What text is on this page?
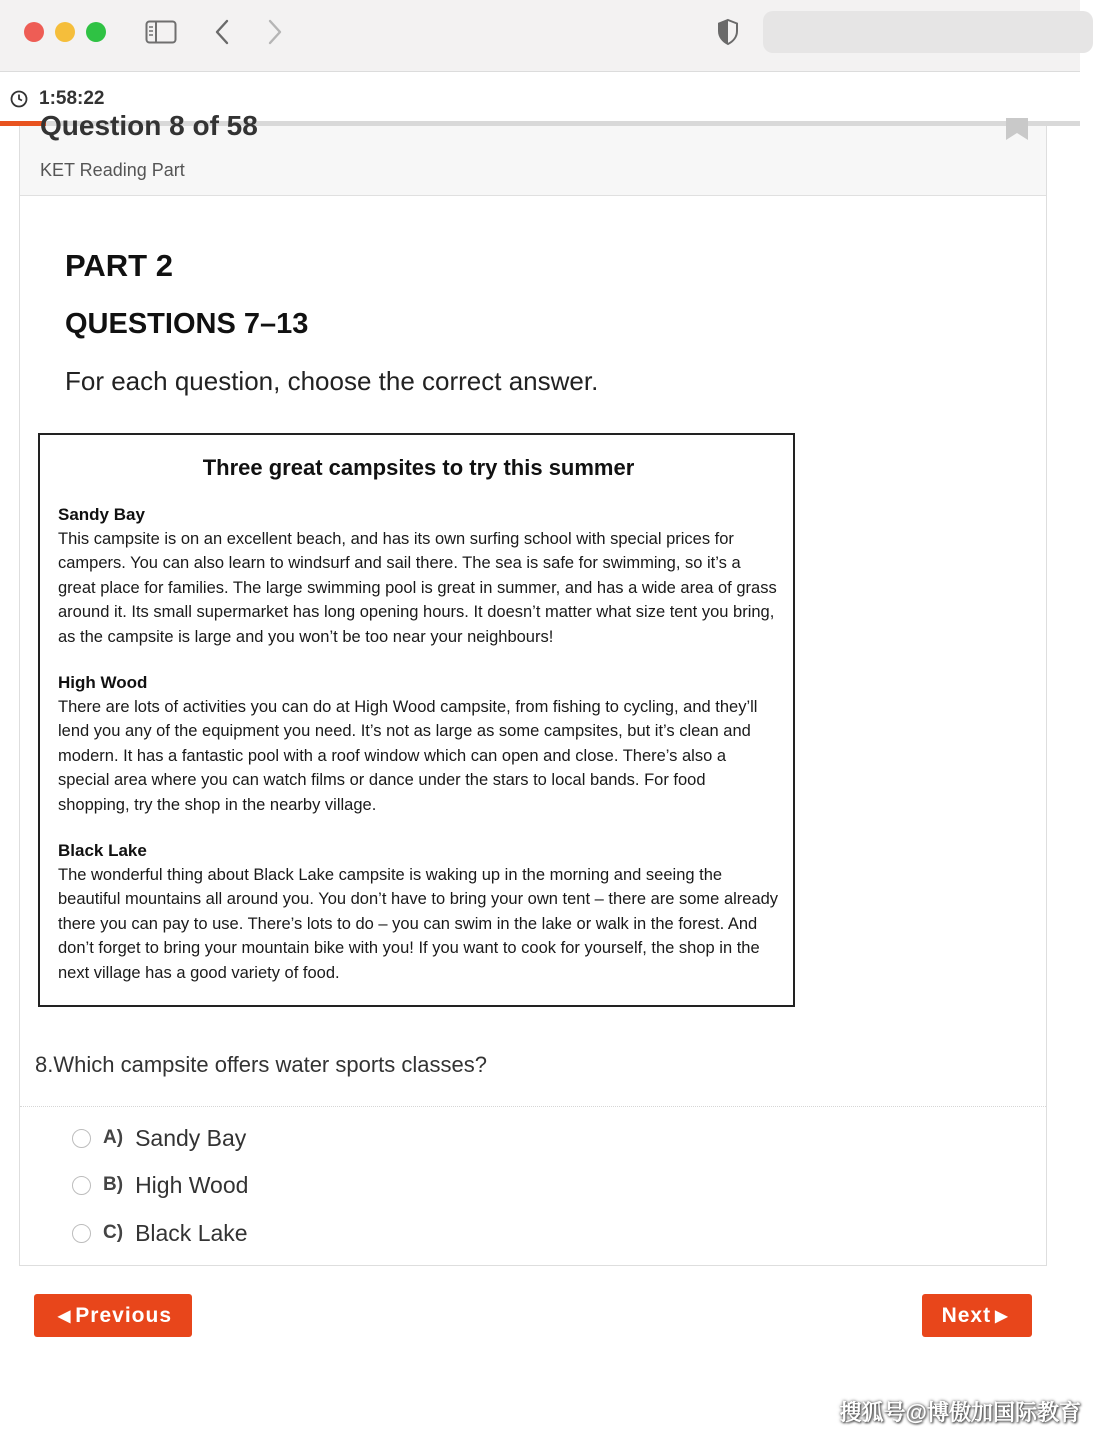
1:58:22
Question 8 of 58
KET Reading Part
PART 2
QUESTIONS 7–13
For each question, choose the correct answer.
Three great campsites to try this summer
Sandy Bay
This campsite is on an excellent beach, and has its own surfing school with special prices for campers. You can also learn to windsurf and sail there. The sea is safe for swimming, so it’s a great place for families. The large swimming pool is great in summer, and has a wide area of grass around it. Its small supermarket has long opening hours. It doesn’t matter what size tent you bring, as the campsite is large and you won’t be too near your neighbours!
High Wood
There are lots of activities you can do at High Wood campsite, from fishing to cycling, and they’ll lend you any of the equipment you need. It’s not as large as some campsites, but it’s clean and modern. It has a fantastic pool with a roof window which can open and close. There’s also a special area where you can watch films or dance under the stars to local bands. For food shopping, try the shop in the nearby village.
Black Lake
The wonderful thing about Black Lake campsite is waking up in the morning and seeing the beautiful mountains all around you. You don’t have to bring your own tent – there are some already there you can pay to use. There’s lots to do – you can swim in the lake or walk in the forest. And don’t forget to bring your mountain bike with you! If you want to cook for yourself, the shop in the next village has a good variety of food.
8.Which campsite offers water sports classes?
A) Sandy Bay
B) High Wood
C) Black Lake
◀ Previous	Next ▶
搜狐号@博傲加国际教育
